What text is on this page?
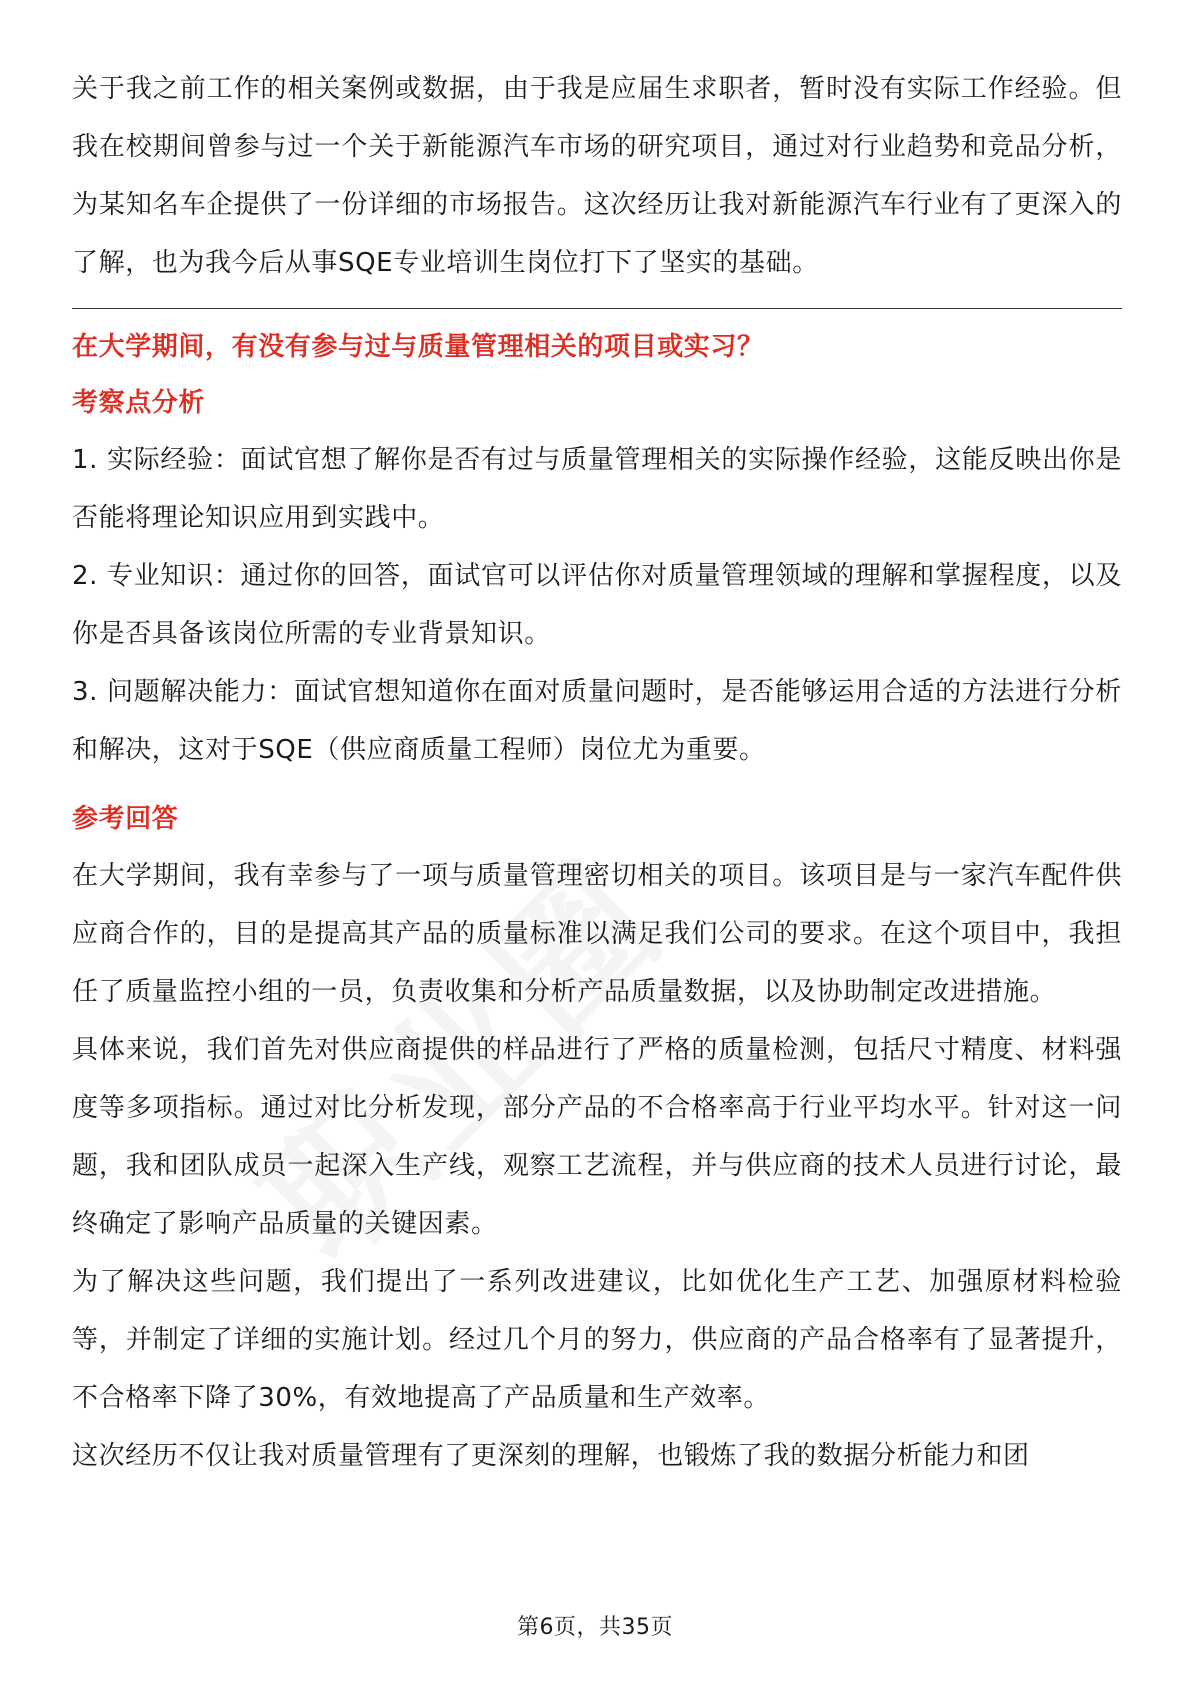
关于我之前工作的相关案例或数据，由于我是应届生求职者，暂时没有实际工作经验。但我在校期间曾参与过一个关于新能源汽车市场的研究项目，通过对行业趋势和竞品分析，为某知名车企提供了一份详细的市场报告。这次经历让我对新能源汽车行业有了更深入的了解，也为我今后从事SQE专业培训生岗位打下了坚实的基础。

在大学期间，有没有参与过与质量管理相关的项目或实习？
考察点分析

1. 实际经验：面试官想了解你是否有过与质量管理相关的实际操作经验，这能反映出你是否能将理论知识应用到实践中。

2. 专业知识：通过你的回答，面试官可以评估你对质量管理领域的理解和掌握程度，以及你是否具备该岗位所需的专业背景知识。

3. 问题解决能力：面试官想知道你在面对质量问题时，是否能够运用合适的方法进行分析和解决，这对于SQE（供应商质量工程师）岗位尤为重要。

参考回答

在大学期间，我有幸参与了一项与质量管理密切相关的项目。该项目是与一家汽车配件供应商合作的，目的是提高其产品的质量标准以满足我们公司的要求。在这个项目中，我担任了质量监控小组的一员，负责收集和分析产品质量数据，以及协助制定改进措施。

具体来说，我们首先对供应商提供的样品进行了严格的质量检测，包括尺寸精度、材料强度等多项指标。通过对比分析发现，部分产品的不合格率高于行业平均水平。针对这一问题，我和团队成员一起深入生产线，观察工艺流程，并与供应商的技术人员进行讨论，最终确定了影响产品质量的关键因素。

为了解决这些问题，我们提出了一系列改进建议，比如优化生产工艺、加强原材料检验等，并制定了详细的实施计划。经过几个月的努力，供应商的产品合格率有了显著提升，不合格率下降了30%，有效地提高了产品质量和生产效率。

这次经历不仅让我对质量管理有了更深刻的理解，也锻炼了我的数据分析能力和团

第6页，共35页
